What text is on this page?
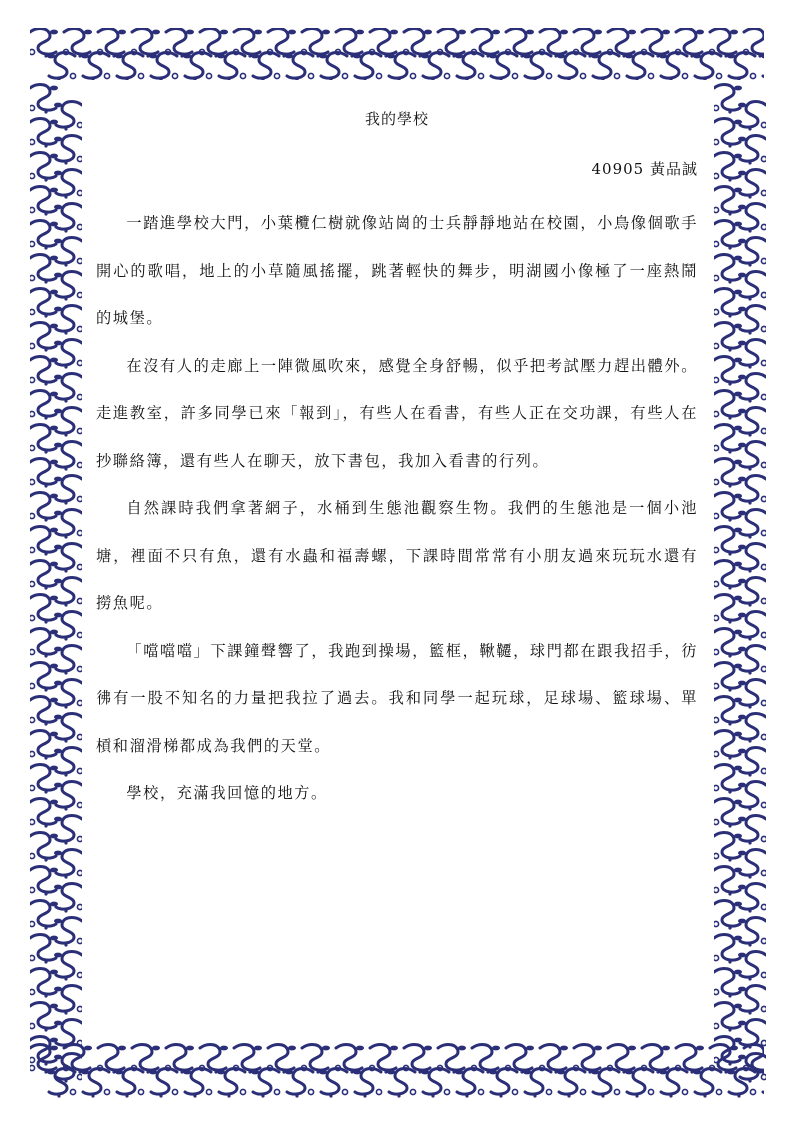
我的學校
40905 黃品誠

一踏進學校大門，小葉欖仁樹就像站崗的士兵靜靜地站在校園，小鳥像個歌手開心的歌唱，地上的小草隨風搖擺，跳著輕快的舞步，明湖國小像極了一座熱鬧的城堡。

在沒有人的走廊上一陣微風吹來，感覺全身舒暢，似乎把考試壓力趕出體外。走進教室，許多同學已來「報到」，有些人在看書，有些人正在交功課，有些人在抄聯絡簿，還有些人在聊天，放下書包，我加入看書的行列。

自然課時我們拿著網子，水桶到生態池觀察生物。我們的生態池是一個小池塘，裡面不只有魚，還有水蟲和福壽螺，下課時間常常有小朋友過來玩玩水還有撈魚呢。

「噹噹噹」下課鐘聲響了，我跑到操場，籃框，鞦韆，球門都在跟我招手，彷彿有一股不知名的力量把我拉了過去。我和同學一起玩球，足球場、籃球場、單槓和溜滑梯都成為我們的天堂。

學校，充滿我回憶的地方。
